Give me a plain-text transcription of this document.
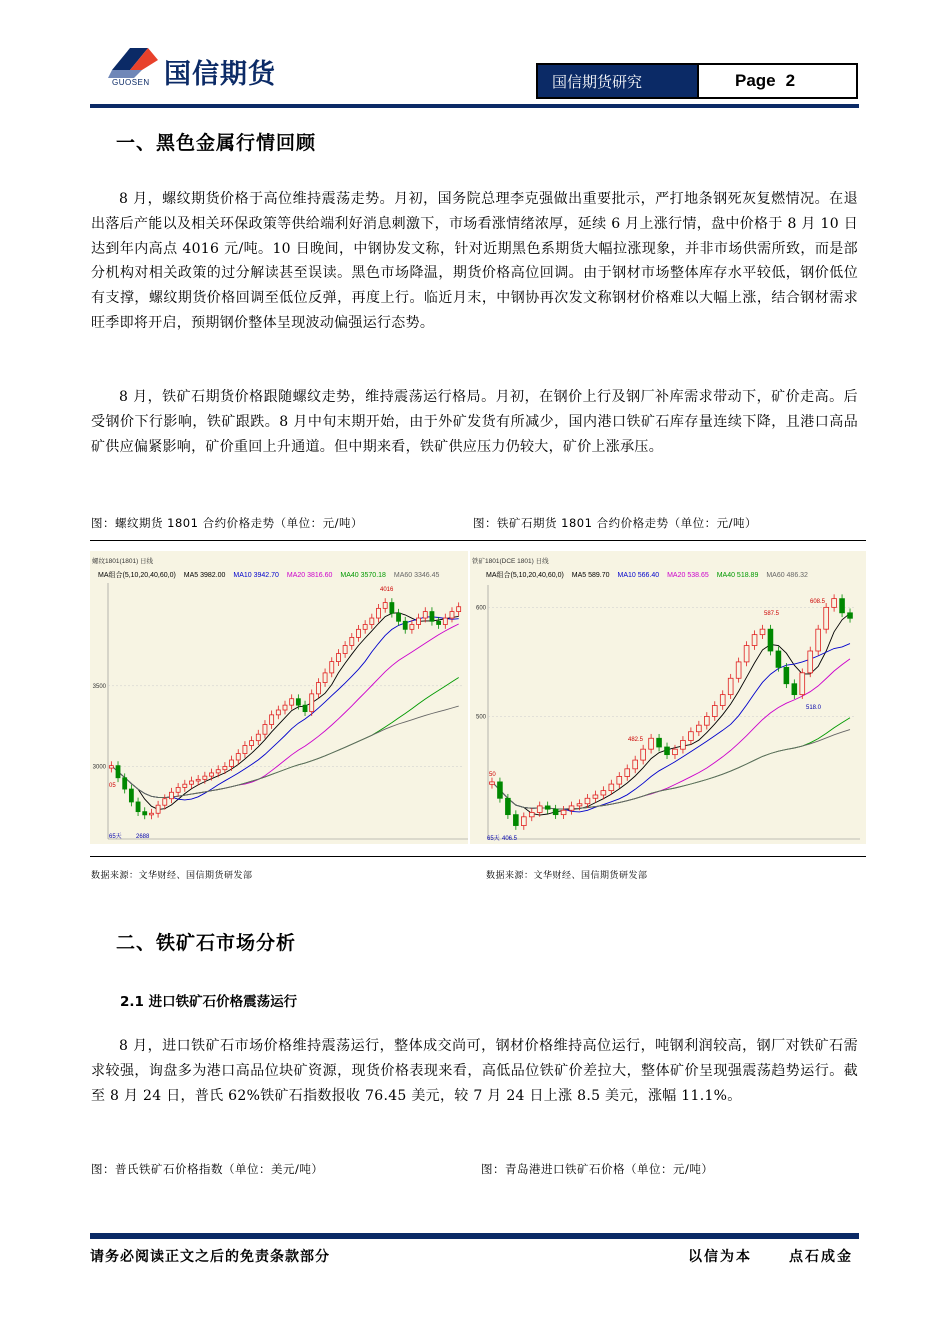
国信期货
GUOSEN	国信期货研究	Page 2
一、黑色金属行情回顾
8 月，螺纹期货价格于高位维持震荡走势。月初，国务院总理李克强做出重要批示，严打地条钢死灰复燃情况。在退出落后产能以及相关环保政策等供给端利好消息刺激下，市场看涨情绪浓厚，延续 6 月上涨行情，盘中价格于 8 月 10 日达到年内高点 4016 元/吨。10 日晚间，中钢协发文称，针对近期黑色系期货大幅拉涨现象，并非市场供需所致，而是部分机构对相关政策的过分解读甚至误读。黑色市场降温，期货价格高位回调。由于钢材市场整体库存水平较低，钢价低位有支撑，螺纹期货价格回调至低位反弹，再度上行。临近月末，中钢协再次发文称钢材价格难以大幅上涨，结合钢材需求旺季即将开启，预期钢价整体呈现波动偏强运行态势。
8 月，铁矿石期货价格跟随螺纹走势，维持震荡运行格局。月初，在钢价上行及钢厂补库需求带动下，矿价走高。后受钢价下行影响，铁矿跟跌。8 月中旬末期开始，由于外矿发货有所减少，国内港口铁矿石库存量连续下降，且港口高品矿供应偏紧影响，矿价重回上升通道。但中期来看，铁矿供应压力仍较大，矿价上涨承压。
图：螺纹期货 1801 合约价格走势（单位：元/吨）	图：铁矿石期货 1801 合约价格走势（单位：元/吨）
螺纹1801(1801) 日线
MA组合(5,10,20,40,60,0) MA5 3982.00 MA10 3942.70 MA20 3816.60 MA40 3570.18 MA60 3346.45
3000
3500
4016
05
2688
65天
铁矿1801(DCE 1801) 日线
MA组合(5,10,20,40,60,0) MA5 589.70 MA10 566.40 MA20 538.65 MA40 518.89 MA60 486.32
500
600
608.5
587.5
518.0
482.5
50
406.5
65天
数据来源：文华财经、国信期货研发部	数据来源：文华财经、国信期货研发部
二、铁矿石市场分析
2.1 进口铁矿石价格震荡运行
8 月，进口铁矿石市场价格维持震荡运行，整体成交尚可，钢材价格维持高位运行，吨钢利润较高，钢厂对铁矿石需求较强，询盘多为港口高品位块矿资源，现货价格表现来看，高低品位铁矿价差拉大，整体矿价呈现强震荡趋势运行。截至 8 月 24 日，普氏 62%铁矿石指数报收 76.45 美元，较 7 月 24 日上涨 8.5 美元，涨幅 11.1%。
图：普氏铁矿石价格指数（单位：美元/吨）	图：青岛港进口铁矿石价格（单位：元/吨）
请务必阅读正文之后的免责条款部分	以信为本	点石成金
